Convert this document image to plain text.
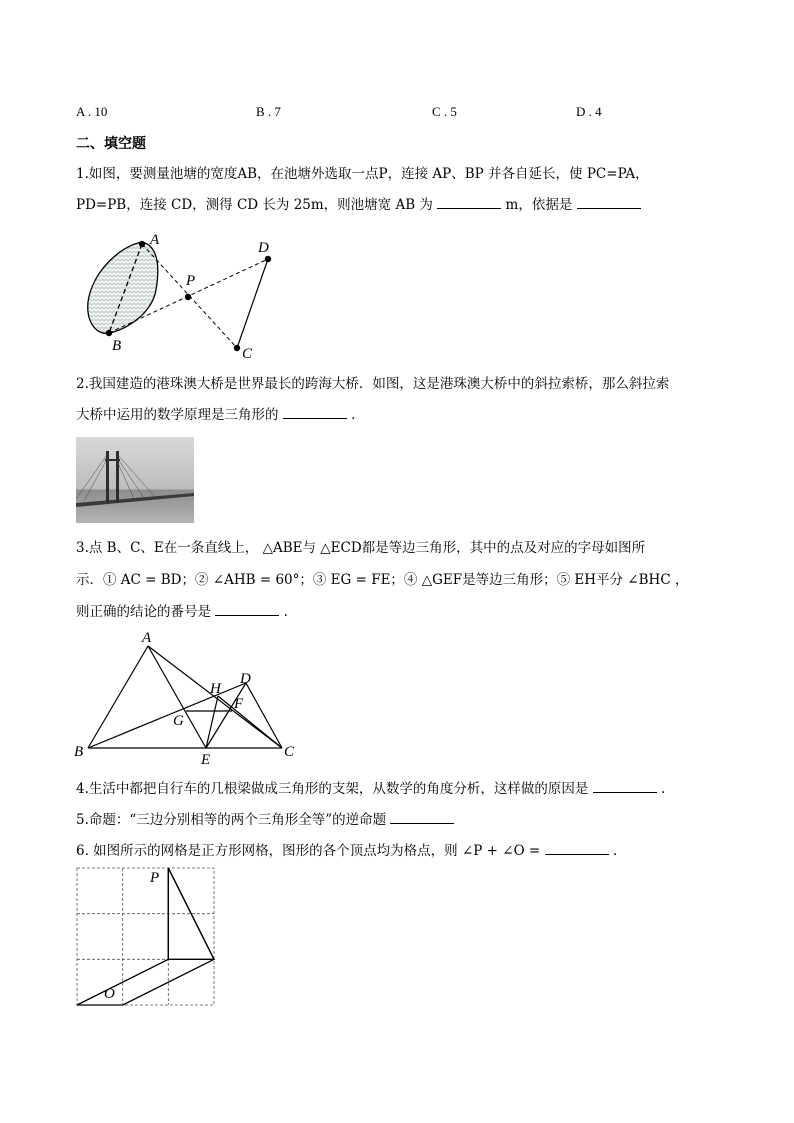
A . 10	B . 7	C . 5	D . 4
二、填空题
1.如图，要测量池塘的宽度AB，在池塘外选取一点P，连接 AP、BP 并各自延长，使 PC=PA，
PD=PB，连接 CD，测得 CD 长为 25m，则池塘宽 AB 为	m，依据是
A
B
P
C
D
2.我国建造的港珠澳大桥是世界最长的跨海大桥．如图，这是港珠澳大桥中的斜拉索桥，那么斜拉索
大桥中运用的数学原理是三角形的	.
3.点 B、C、E在一条直线上， △ABE与 △ECD都是等边三角形，其中的点及对应的字母如图所
示．① AC = BD；② ∠AHB = 60°；③ EG = FE；④ △GEF是等边三角形；⑤ EH平分 ∠BHC ，
则正确的结论的番号是	.
A
B	C
D
E
F
G
H
4.生活中都把自行车的几根梁做成三角形的支架，从数学的角度分析，这样做的原因是	.
5.命题：“三边分别相等的两个三角形全等”的逆命题
6. 如图所示的网格是正方形网格，图形的各个顶点均为格点，则 ∠P + ∠O =	.
P
O
